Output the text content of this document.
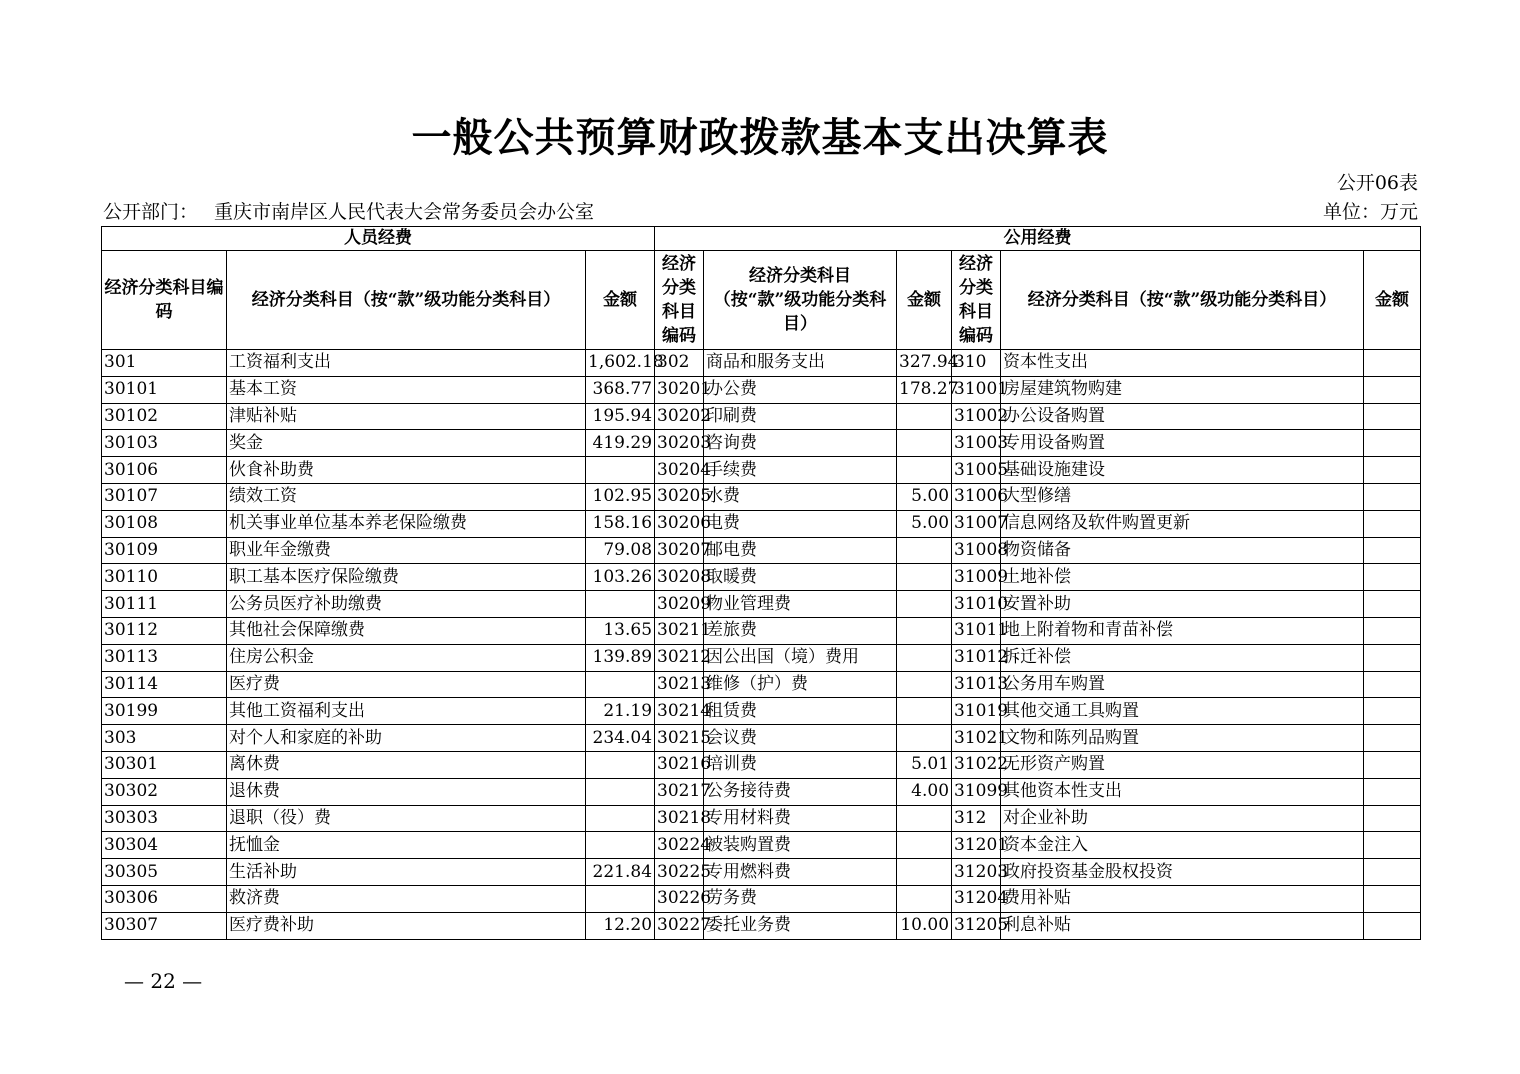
一般公共预算财政拨款基本支出决算表
公开06表
公开部门： 重庆市南岸区人民代表大会常务委员会办公室	单位：万元
人员经费			公用经费					
经济分类科目编码	经济分类科目（按“款”级功能分类科目）	金额	经济分类科目编码	经济分类科目（按“款”级功能分类科目）	金额	经济分类科目编码	经济分类科目（按“款”级功能分类科目）	金额
301	工资福利支出	1,602.18	302	商品和服务支出	327.94	310	资本性支出	
30101	基本工资	368.77	30201	办公费	178.27	31001	房屋建筑物购建	
30102	津贴补贴	195.94	30202	印刷费		31002	办公设备购置	
30103	奖金	419.29	30203	咨询费		31003	专用设备购置	
30106	伙食补助费		30204	手续费		31005	基础设施建设	
30107	绩效工资	102.95	30205	水费	5.00	31006	大型修缮	
30108	机关事业单位基本养老保险缴费	158.16	30206	电费	5.00	31007	信息网络及软件购置更新	
30109	职业年金缴费	79.08	30207	邮电费		31008	物资储备	
30110	职工基本医疗保险缴费	103.26	30208	取暖费		31009	土地补偿	
30111	公务员医疗补助缴费		30209	物业管理费		31010	安置补助	
30112	其他社会保障缴费	13.65	30211	差旅费		31011	地上附着物和青苗补偿	
30113	住房公积金	139.89	30212	因公出国（境）费用		31012	拆迁补偿	
30114	医疗费		30213	维修（护）费		31013	公务用车购置	
30199	其他工资福利支出	21.19	30214	租赁费		31019	其他交通工具购置	
303	对个人和家庭的补助	234.04	30215	会议费		31021	文物和陈列品购置	
30301	离休费		30216	培训费	5.01	31022	无形资产购置	
30302	退休费		30217	公务接待费	4.00	31099	其他资本性支出	
30303	退职（役）费		30218	专用材料费		312	对企业补助	
30304	抚恤金		30224	被装购置费		31201	资本金注入	
30305	生活补助	221.84	30225	专用燃料费		31203	政府投资基金股权投资	
30306	救济费		30226	劳务费		31204	费用补贴	
30307	医疗费补助	12.20	30227	委托业务费	10.00	31205	利息补贴	
— 22 —
